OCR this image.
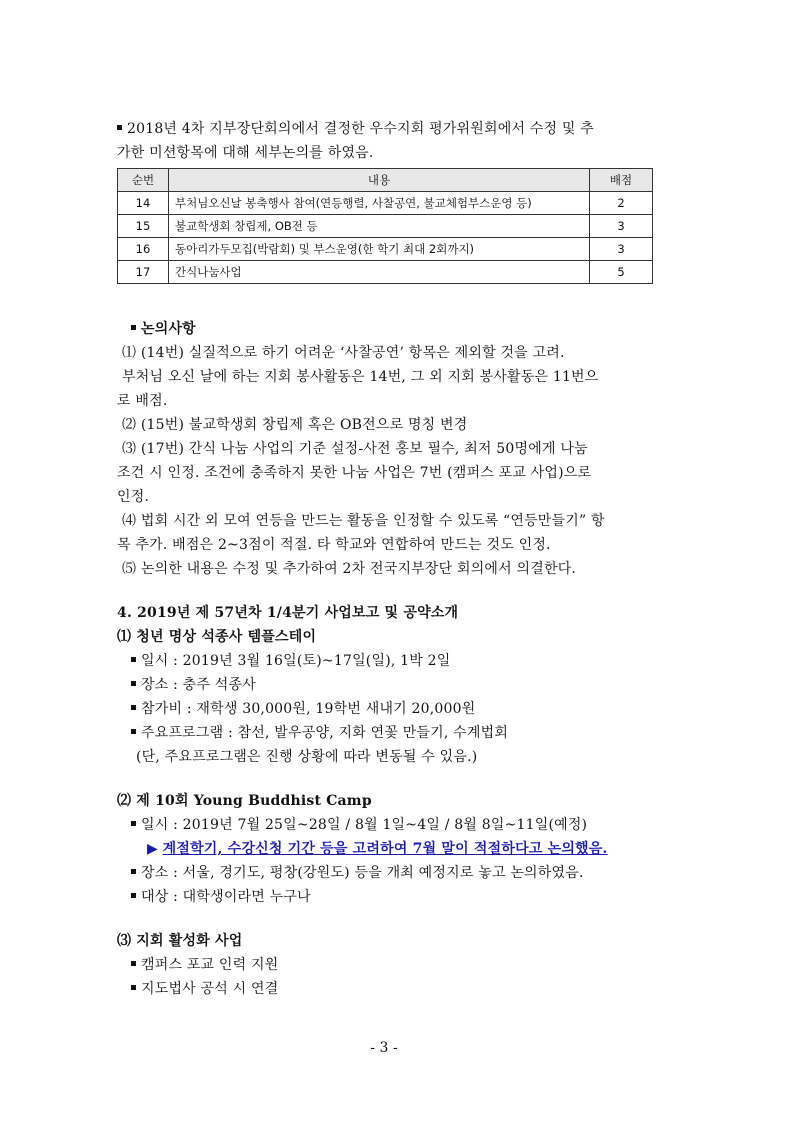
2018년 4차 지부장단회의에서 결정한 우수지회 평가위원회에서 수정 및 추
가한 미션항목에 대해 세부논의를 하였음.
순번	내용	배점
14	부처님오신날 봉축행사 참여(연등행렬, 사찰공연, 불교체험부스운영 등)	2
15	불교학생회 창립제, OB전 등	3
16	동아리가두모집(박람회) 및 부스운영(한 학기 최대 2회까지)	3
17	간식나눔사업	5
논의사항
⑴ (14번) 실질적으로 하기 어려운 ‘사찰공연’ 항목은 제외할 것을 고려.
부처님 오신 날에 하는 지회 봉사활동은 14번, 그 외 지회 봉사활동은 11번으
로 배점.
⑵ (15번) 불교학생회 창립제 혹은 OB전으로 명칭 변경
⑶ (17번) 간식 나눔 사업의 기준 설정-사전 홍보 필수, 최저 50명에게 나눔
조건 시 인정. 조건에 충족하지 못한 나눔 사업은 7번 (캠퍼스 포교 사업)으로
인정.
⑷ 법회 시간 외 모여 연등을 만드는 활동을 인정할 수 있도록 “연등만들기” 항
목 추가. 배점은 2~3점이 적절. 타 학교와 연합하여 만드는 것도 인정.
⑸ 논의한 내용은 수정 및 추가하여 2차 전국지부장단 회의에서 의결한다.
4. 2019년 제 57년차 1/4분기 사업보고 및 공약소개
⑴ 청년 명상 석종사 템플스테이
일시 : 2019년 3월 16일(토)~17일(일), 1박 2일
장소 : 충주 석종사
참가비 : 재학생 30,000원, 19학번 새내기 20,000원
주요프로그램 : 참선, 발우공양, 지화 연꽃 만들기, 수계법회
(단, 주요프로그램은 진행 상황에 따라 변동될 수 있음.)
⑵ 제 10회 Young Buddhist Camp
일시 : 2019년 7월 25일~28일 / 8월 1일~4일 / 8월 8일~11일(예정)
▶ 계절학기, 수강신청 기간 등을 고려하여 7월 말이 적절하다고 논의했음.
장소 : 서울, 경기도, 평창(강원도) 등을 개최 예정지로 놓고 논의하였음.
대상 : 대학생이라면 누구나
⑶ 지회 활성화 사업
캠퍼스 포교 인력 지원
지도법사 공석 시 연결
- 3 -
